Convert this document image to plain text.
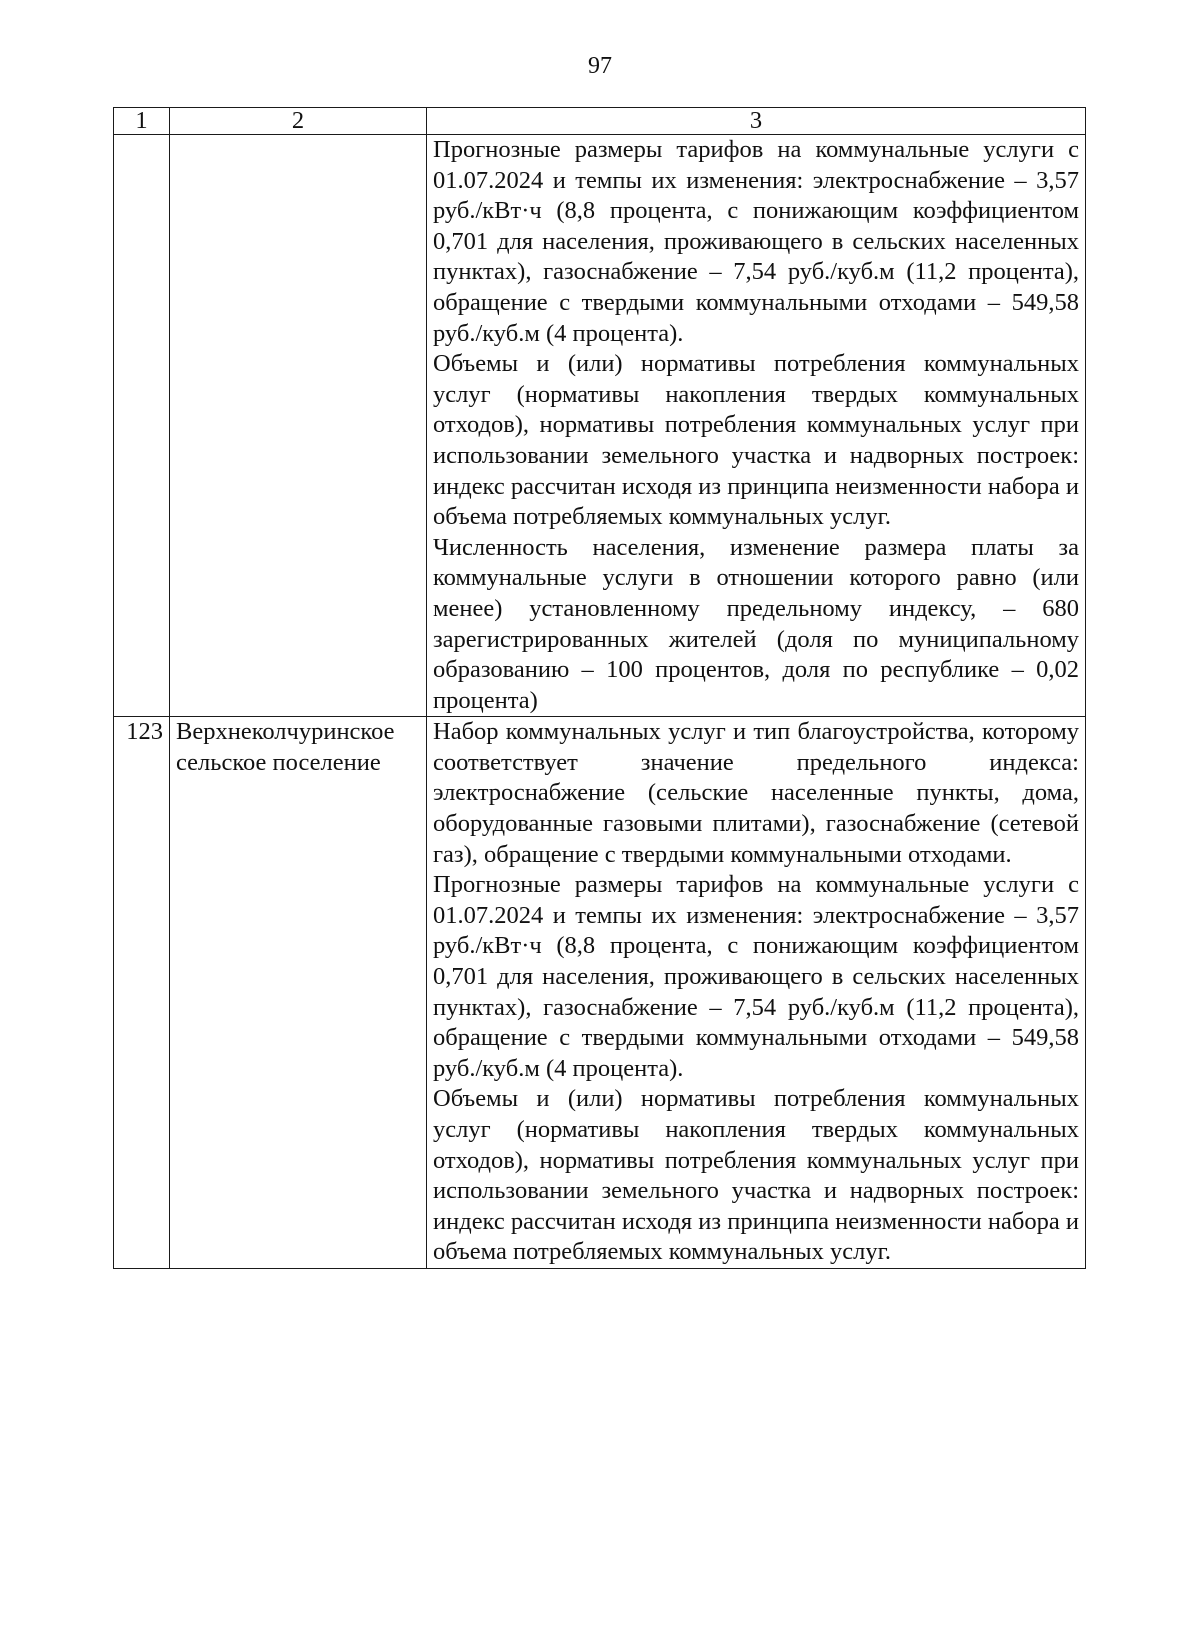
97
1	2	3

		Прогнозные размеры тарифов на коммунальные услуги с 01.07.2024 и темпы их изменения: электроснабжение – 3,57 руб./кВт·ч (8,8 процента, с понижающим коэффициентом 0,701 для населения, проживающего в сельских населенных пунктах), газоснабжение – 7,54 руб./куб.м (11,2 процента), обращение с твердыми коммунальными отходами – 549,58 руб./куб.м (4 процента).

Объемы и (или) нормативы потребления коммунальных услуг (нормативы накопления твердых коммунальных отходов), нормативы потребления коммунальных услуг при использовании земельного участка и надворных построек: индекс рассчитан исходя из принципа неизменности набора и объема потребляемых коммунальных услуг.

Численность населения, изменение размера платы за коммунальные услуги в отношении которого равно (или менее) установленному предельному индексу, – 680 зарегистрированных жителей (доля по муниципальному образованию – 100 процентов, доля по республике – 0,02 процента)

123	Верхнеколчуринское сельское поселение	Набор коммунальных услуг и тип благоустройства, которому соответствует значение предельного индекса: электроснабжение (сельские населенные пункты, дома, оборудованные газовыми плитами), газоснабжение (сетевой газ), обращение с твердыми коммунальными отходами.

Прогнозные размеры тарифов на коммунальные услуги с 01.07.2024 и темпы их изменения: электроснабжение – 3,57 руб./кВт·ч (8,8 процента, с понижающим коэффициентом 0,701 для населения, проживающего в сельских населенных пунктах), газоснабжение – 7,54 руб./куб.м (11,2 процента), обращение с твердыми коммунальными отходами – 549,58 руб./куб.м (4 процента).

Объемы и (или) нормативы потребления коммунальных услуг (нормативы накопления твердых коммунальных отходов), нормативы потребления коммунальных услуг при использовании земельного участка и надворных построек: индекс рассчитан исходя из принципа неизменности набора и объема потребляемых коммунальных услуг.
